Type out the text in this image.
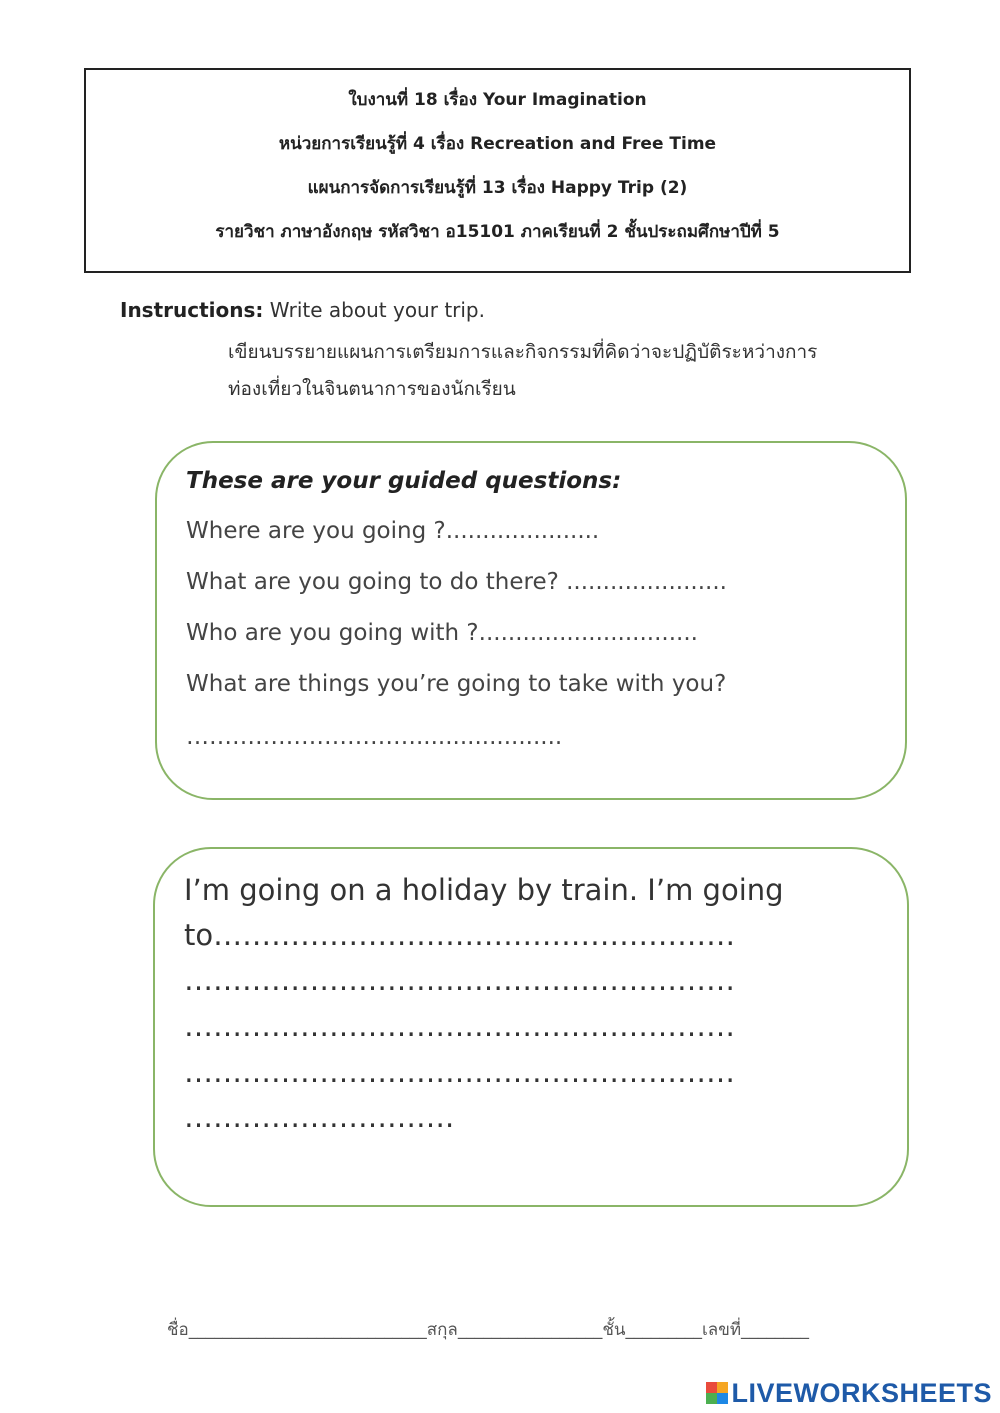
ใบงานที่ 18 เรื่อง Your Imagination
หน่วยการเรียนรู้ที่ 4 เรื่อง Recreation and Free Time
แผนการจัดการเรียนรู้ที่ 13 เรื่อง Happy Trip (2)
รายวิชา ภาษาอังกฤษ รหัสวิชา อ15101 ภาคเรียนที่ 2 ชั้นประถมศึกษาปีที่ 5
Instructions: Write about your trip.
เขียนบรรยายแผนการเตรียมการและกิจกรรมที่คิดว่าจะปฏิบัติระหว่างการ
ท่องเที่ยวในจินตนาการของนักเรียน
These are your guided questions:
Where are you going ?.....................
What are you going to do there? ......................
Who are you going with ?..............................
What are things you’re going to take with you?
…………………………....................
I’m going on a holiday by train. I’m going
to………………………………………………
…………………………………………………
…………………………………………………
…………………………………………………
……………………….
ชื่อ____________________________สกุล_________________ชั้น_________เลขที่________
LIVEWORKSHEETS
